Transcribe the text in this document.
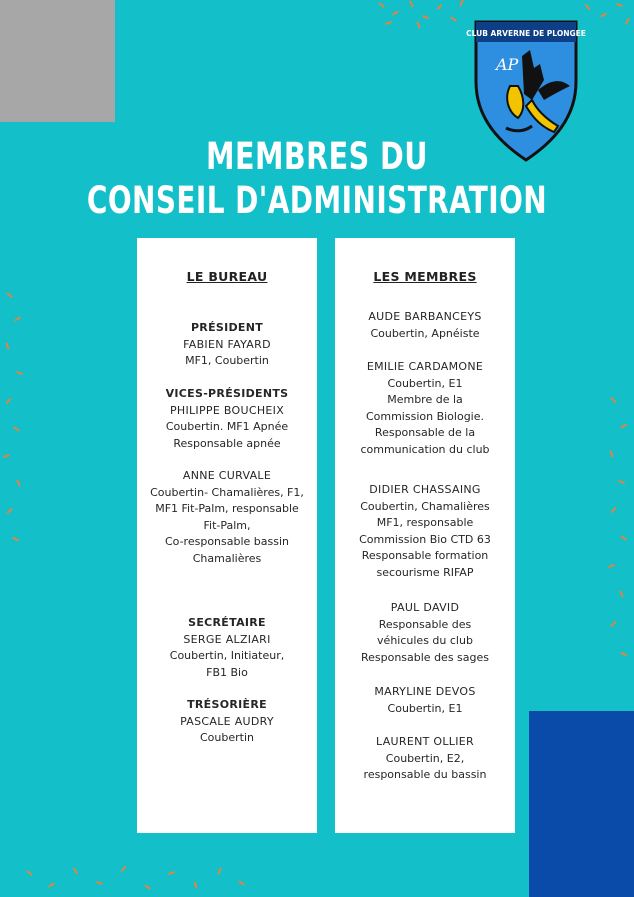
CLUB ARVERNE DE PLONGEE
AP
MEMBRES DU
CONSEIL D'ADMINISTRATION
LE BUREAU
PRÉSIDENT
FABIEN FAYARD
MF1, Coubertin
VICES-PRÉSIDENTS
PHILIPPE BOUCHEIX
Coubertin. MF1 Apnée
Responsable apnée
ANNE CURVALE
Coubertin- Chamalières, F1,
MF1 Fit-Palm, responsable
Fit-Palm,
Co-responsable bassin
Chamalières
SECRÉTAIRE
SERGE ALZIARI
Coubertin, Initiateur,
FB1 Bio
TRÉSORIÈRE
PASCALE AUDRY
Coubertin
LES MEMBRES
AUDE BARBANCEYS
Coubertin, Apnéiste
EMILIE CARDAMONE
Coubertin, E1
Membre de la
Commission Biologie.
Responsable de la
communication du club
DIDIER CHASSAING
Coubertin, Chamalières
MF1, responsable
Commission Bio CTD 63
Responsable formation
secourisme RIFAP
PAUL DAVID
Responsable des
véhicules du club
Responsable des sages
MARYLINE DEVOS
Coubertin, E1
LAURENT OLLIER
Coubertin, E2,
responsable du bassin
